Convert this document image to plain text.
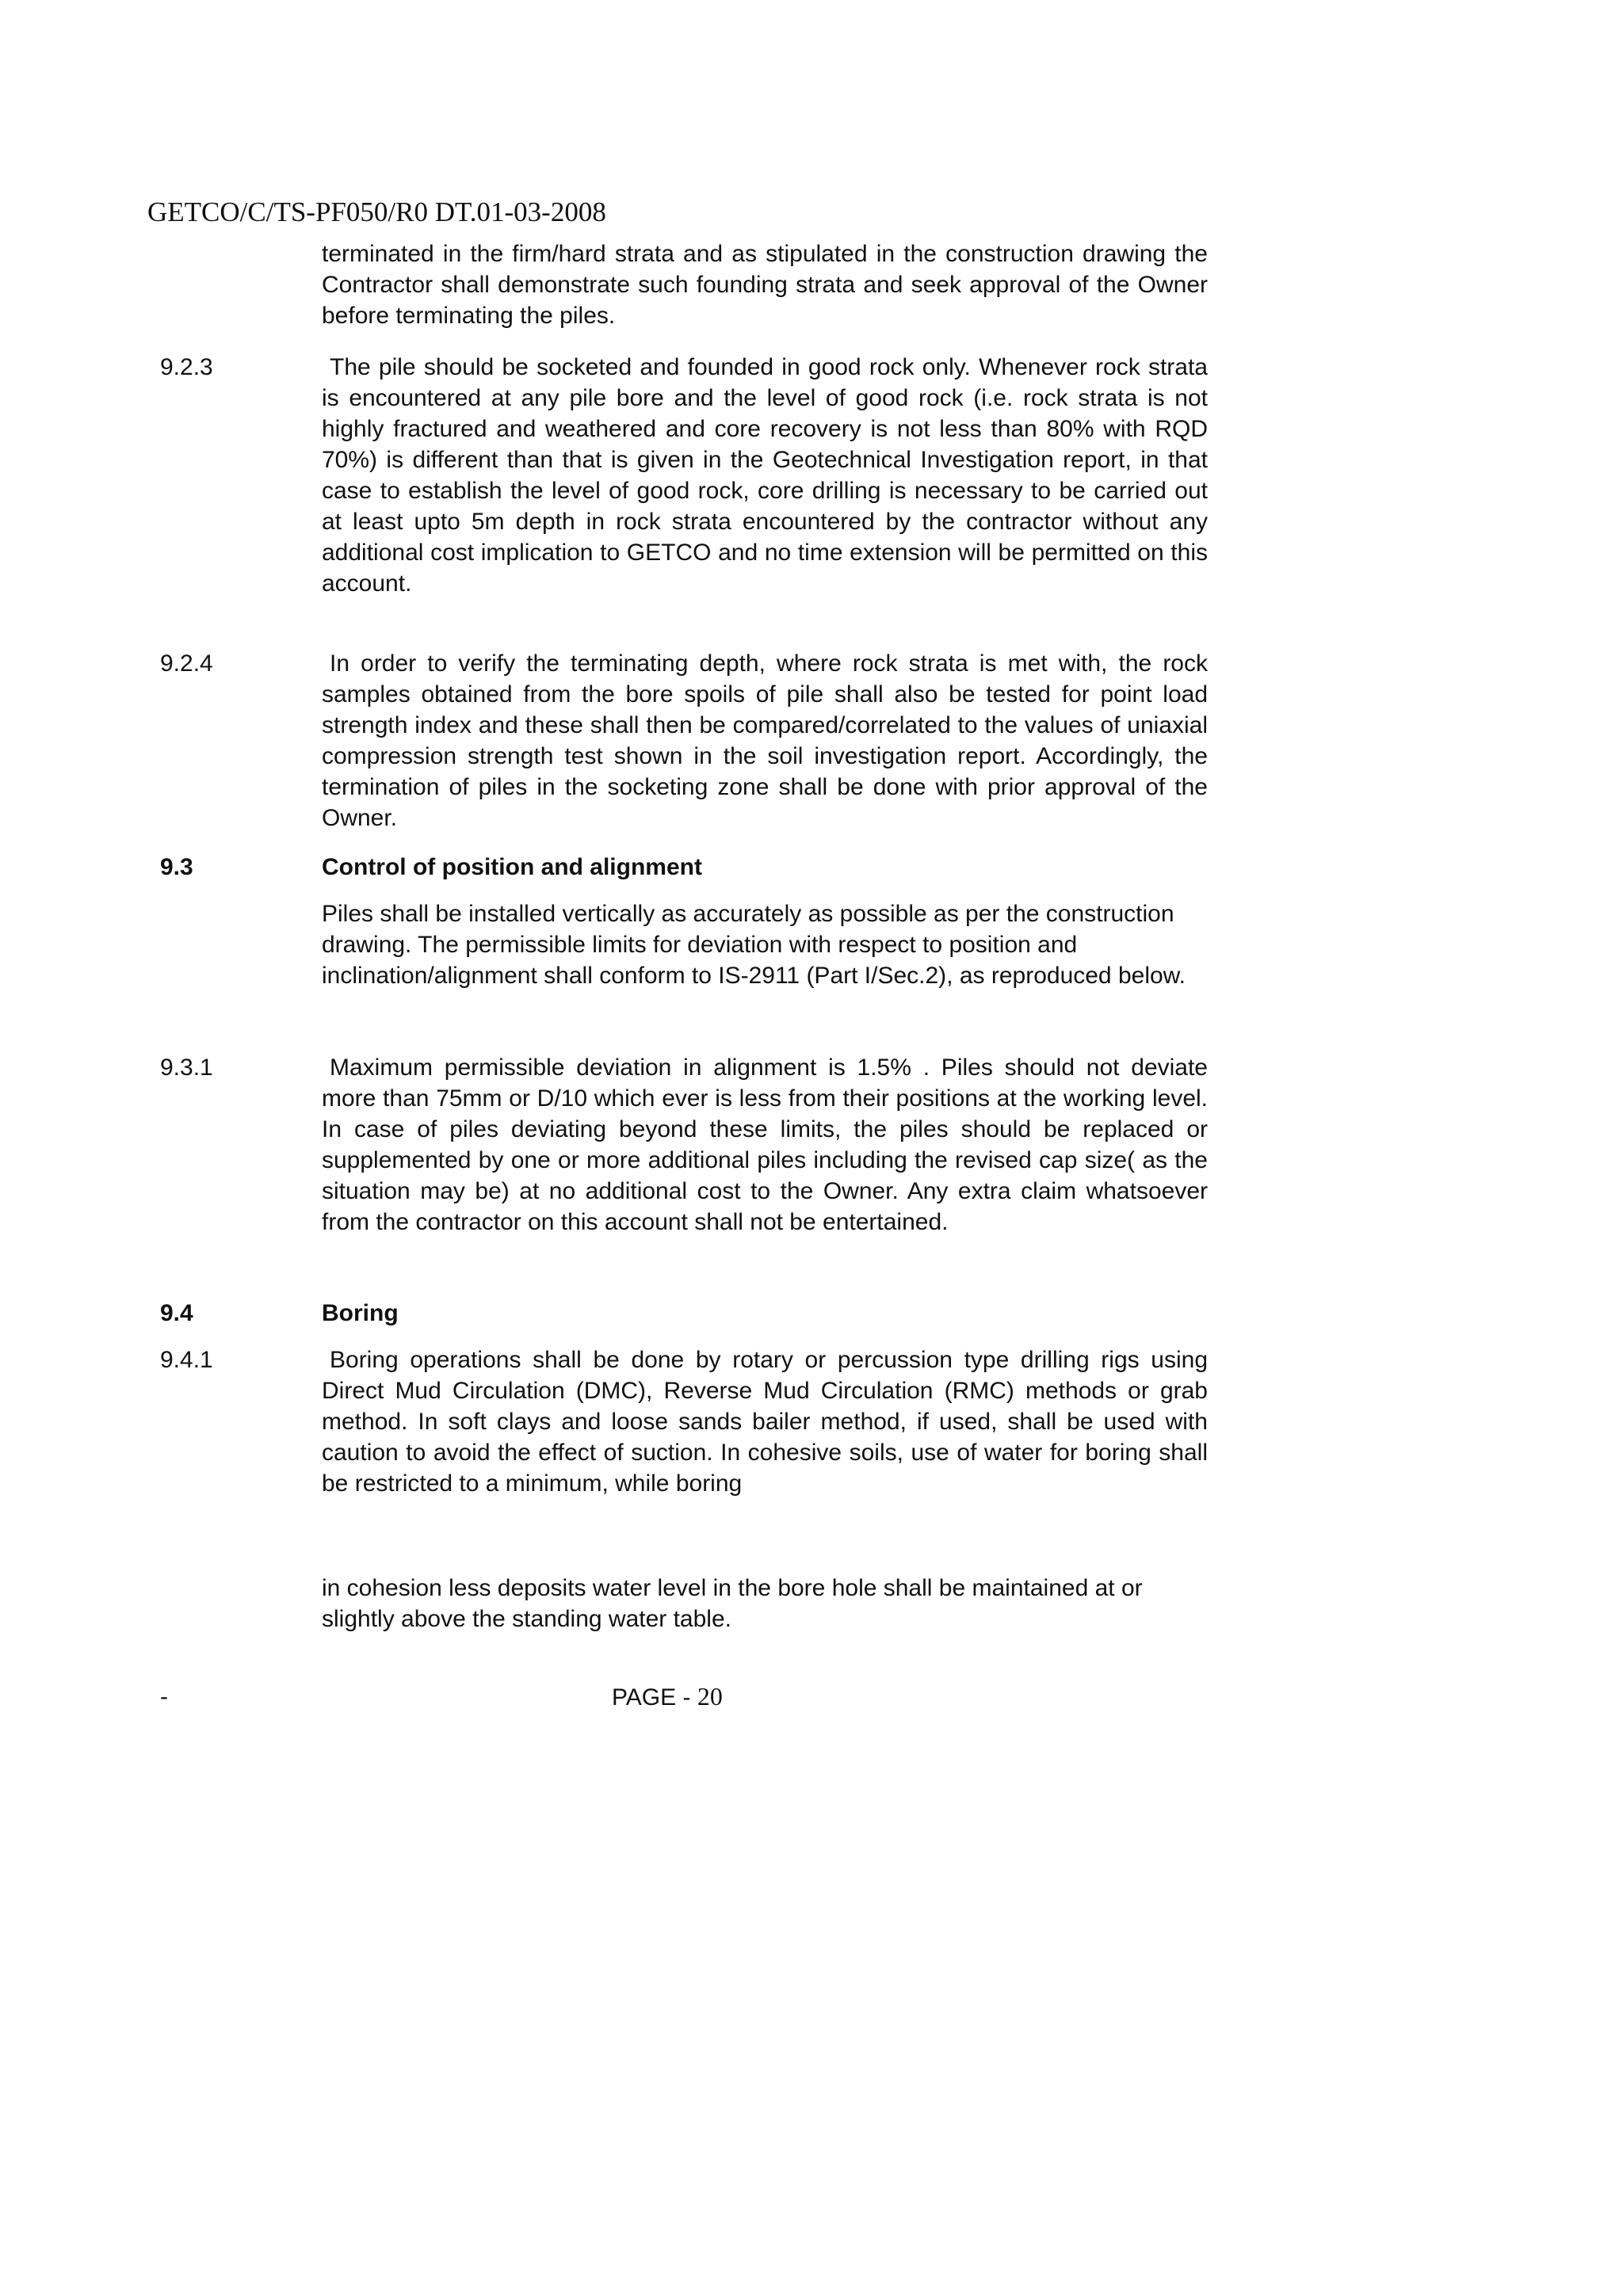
GETCO/C/TS-PF050/R0 DT.01-03-2008
terminated in the firm/hard strata and as stipulated in the construction drawing the Contractor shall demonstrate such founding strata and seek approval of the Owner before terminating the piles.
9.2.3	The pile should be socketed and founded in good rock only. Whenever rock strata is encountered at any pile bore and the level of good rock (i.e. rock strata is not highly fractured and weathered and core recovery is not less than 80% with RQD 70%) is different than that is given in the Geotechnical Investigation report, in that case to establish the level of good rock, core drilling is necessary to be carried out at least upto 5m depth in rock strata encountered by the contractor without any additional cost implication to GETCO and no time extension will be permitted on this account.
9.2.4	In order to verify the terminating depth, where rock strata is met with, the rock samples obtained from the bore spoils of pile shall also be tested for point load strength index and these shall then be compared/correlated to the values of uniaxial compression strength test shown in the soil investigation report. Accordingly, the termination of piles in the socketing zone shall be done with prior approval of the Owner.
9.3	Control of position and alignment
Piles shall be installed vertically as accurately as possible as per the construction drawing. The permissible limits for deviation with respect to position and inclination/alignment shall conform to IS-2911 (Part I/Sec.2), as reproduced below.
9.3.1	Maximum permissible deviation in alignment is 1.5% . Piles should not deviate more than 75mm or D/10 which ever is less from their positions at the working level. In case of piles deviating beyond these limits, the piles should be replaced or supplemented by one or more additional piles including the revised cap size( as the situation may be) at no additional cost to the Owner. Any extra claim whatsoever from the contractor on this account shall not be entertained.
9.4	Boring
9.4.1	Boring operations shall be done by rotary or percussion type drilling rigs using Direct Mud Circulation (DMC), Reverse Mud Circulation (RMC) methods or grab method. In soft clays and loose sands bailer method, if used, shall be used with caution to avoid the effect of suction. In cohesive soils, use of water for boring shall be restricted to a minimum, while boring
in cohesion less deposits water level in the bore hole shall be maintained at or slightly above the standing water table.
-	PAGE - 20
